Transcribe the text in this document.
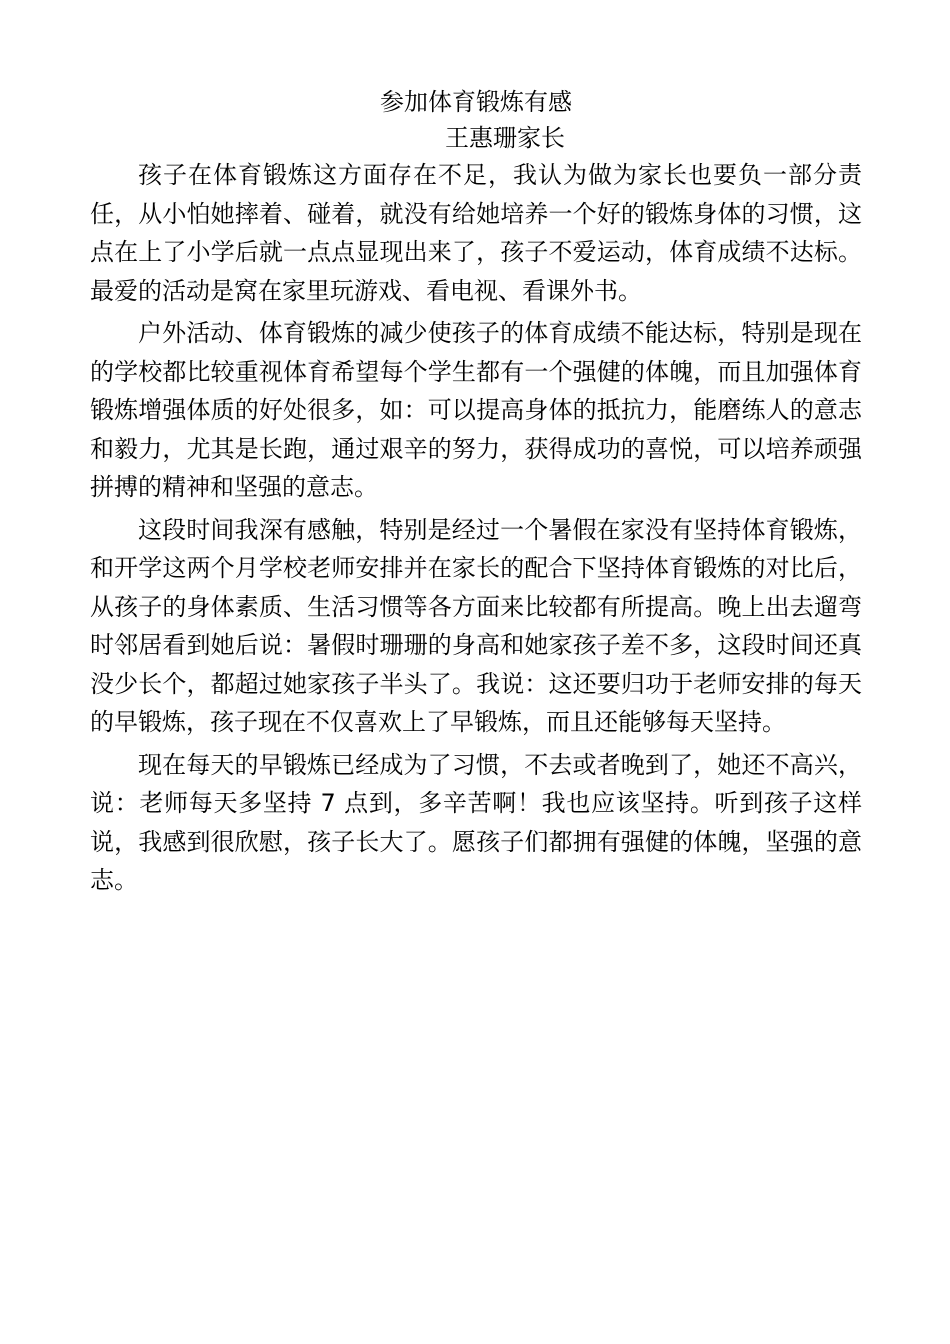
参加体育锻炼有感
王惠珊家长

孩子在体育锻炼这方面存在不足，我认为做为家长也要负一部分责任，从小怕她摔着、碰着，就没有给她培养一个好的锻炼身体的习惯，这点在上了小学后就一点点显现出来了，孩子不爱运动，体育成绩不达标。最爱的活动是窝在家里玩游戏、看电视、看课外书。

户外活动、体育锻炼的减少使孩子的体育成绩不能达标，特别是现在的学校都比较重视体育希望每个学生都有一个强健的体魄，而且加强体育锻炼增强体质的好处很多，如：可以提高身体的抵抗力，能磨练人的意志和毅力，尤其是长跑，通过艰辛的努力，获得成功的喜悦，可以培养顽强拼搏的精神和坚强的意志。

这段时间我深有感触，特别是经过一个暑假在家没有坚持体育锻炼，和开学这两个月学校老师安排并在家长的配合下坚持体育锻炼的对比后，从孩子的身体素质、生活习惯等各方面来比较都有所提高。晚上出去遛弯时邻居看到她后说：暑假时珊珊的身高和她家孩子差不多，这段时间还真没少长个，都超过她家孩子半头了。我说：这还要归功于老师安排的每天的早锻炼，孩子现在不仅喜欢上了早锻炼，而且还能够每天坚持。

现在每天的早锻炼已经成为了习惯，不去或者晚到了，她还不高兴，说：老师每天多坚持 7 点到，多辛苦啊！我也应该坚持。听到孩子这样说，我感到很欣慰，孩子长大了。愿孩子们都拥有强健的体魄，坚强的意志。
